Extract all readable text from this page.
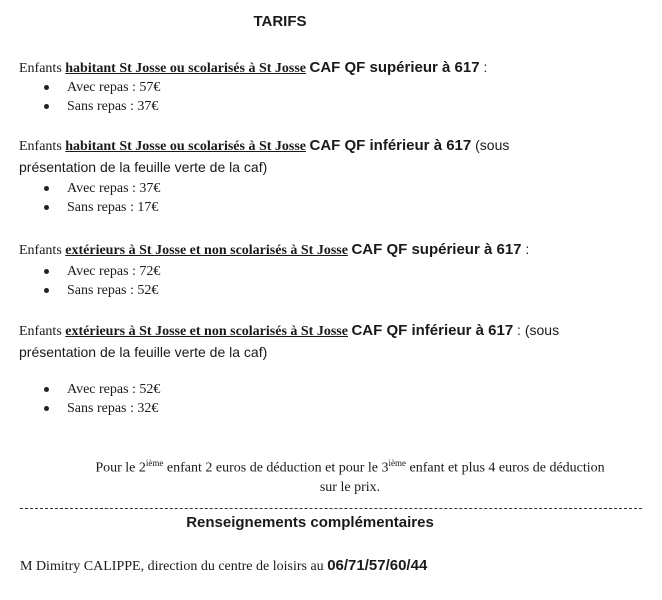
TARIFS
Enfants habitant St Josse ou scolarisés à St Josse CAF QF supérieur à 617 :
Avec repas : 57€
Sans repas : 37€
Enfants habitant St Josse ou scolarisés à St Josse CAF QF inférieur à 617 (sous
présentation de la feuille verte de la caf)
Avec repas : 37€
Sans repas : 17€
Enfants extérieurs à St Josse et non scolarisés à St Josse CAF QF supérieur à 617 :
Avec repas : 72€
Sans repas : 52€
Enfants extérieurs à St Josse et non scolarisés à St Josse CAF QF inférieur à 617 : (sous
présentation de la feuille verte de la caf)
Avec repas : 52€
Sans repas : 32€
Pour le 2ième enfant 2 euros de déduction et pour le 3ième enfant et plus 4 euros de déduction
sur le prix.
Renseignements complémentaires
M Dimitry CALIPPE, direction du centre de loisirs au 06/71/57/60/44
